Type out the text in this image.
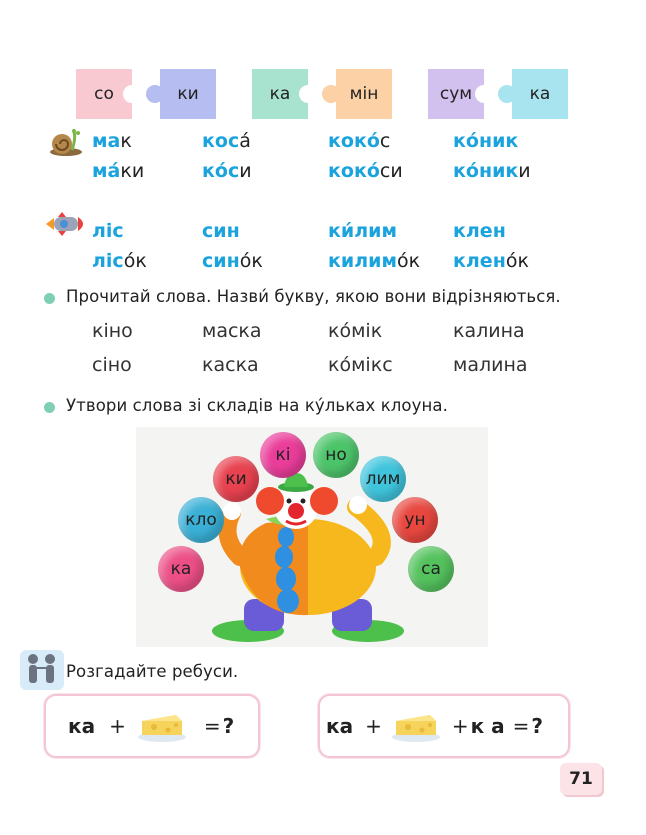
со	ки	ка	мін	сум	ка
мак	коса́	коко́с	ко́ник
ма́ки	ко́си	коко́си	ко́ники
ліс	син	ки́лим	клен
лісо́к	сино́к	килимо́к клено́к
Прочитай слова. Назви́ букву, якою вони відрізняються.
кіно	маска	ко́мік	калина
сіно	каска	ко́мікс	малина
Утвори слова зі складів на ку́льках клоуна.
кі но
ки	лим
кло	ун
ка	са
Розгадайте ребуси.
ка +	= ?	ка +	+ к а = ?
71
